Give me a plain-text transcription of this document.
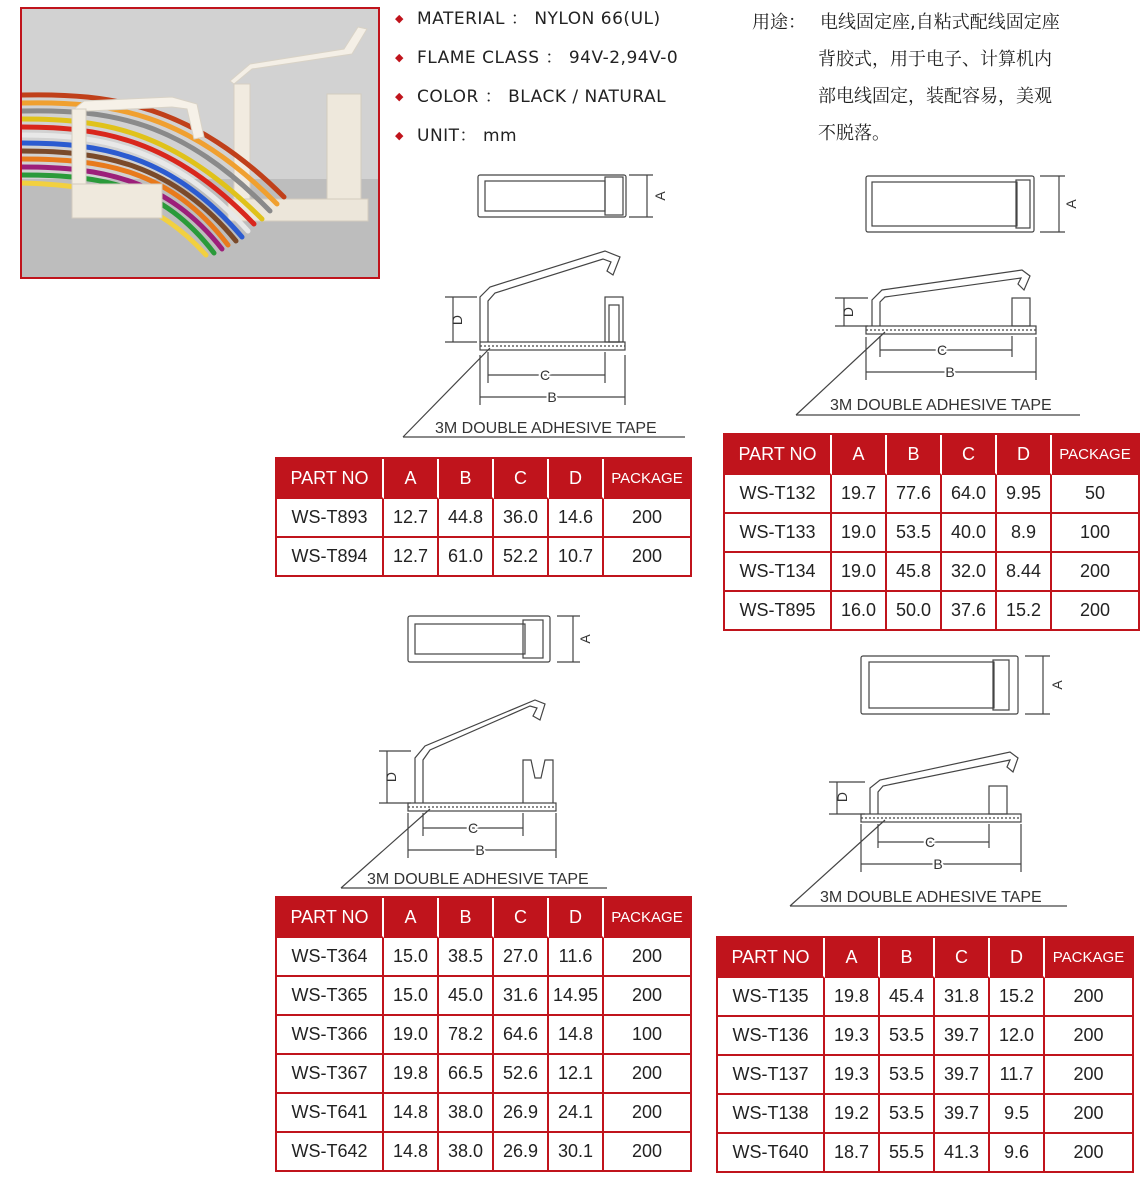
◆ MATERIAL ： NYLON 66(UL)
◆ FLAME CLASS ： 94V-2,94V-0
◆ COLOR ： BLACK / NATURAL
◆ UNIT： mm
用途： 电线固定座,自粘式配线固定座
背胶式，用于电子、计算机内
部电线固定，装配容易，美观
不脱落。
A
D
C
B
3M DOUBLE ADHESIVE TAPE
A
D
C
B
3M DOUBLE ADHESIVE TAPE
A
D
C
B
3M DOUBLE ADHESIVE TAPE
A
D
C
B
3M DOUBLE ADHESIVE TAPE
PART NO	A	B	C	D	PACKAGE
WS-T893	12.7	44.8	36.0	14.6	200
WS-T894	12.7	61.0	52.2	10.7	200
PART NO	A	B	C	D	PACKAGE
WS-T132	19.7	77.6	64.0	9.95	50
WS-T133	19.0	53.5	40.0	8.9	100
WS-T134	19.0	45.8	32.0	8.44	200
WS-T895	16.0	50.0	37.6	15.2	200
PART NO	A	B	C	D	PACKAGE
WS-T364	15.0	38.5	27.0	11.6	200
WS-T365	15.0	45.0	31.6	14.95	200
WS-T366	19.0	78.2	64.6	14.8	100
WS-T367	19.8	66.5	52.6	12.1	200
WS-T641	14.8	38.0	26.9	24.1	200
WS-T642	14.8	38.0	26.9	30.1	200
PART NO	A	B	C	D	PACKAGE
WS-T135	19.8	45.4	31.8	15.2	200
WS-T136	19.3	53.5	39.7	12.0	200
WS-T137	19.3	53.5	39.7	11.7	200
WS-T138	19.2	53.5	39.7	9.5	200
WS-T640	18.7	55.5	41.3	9.6	200
